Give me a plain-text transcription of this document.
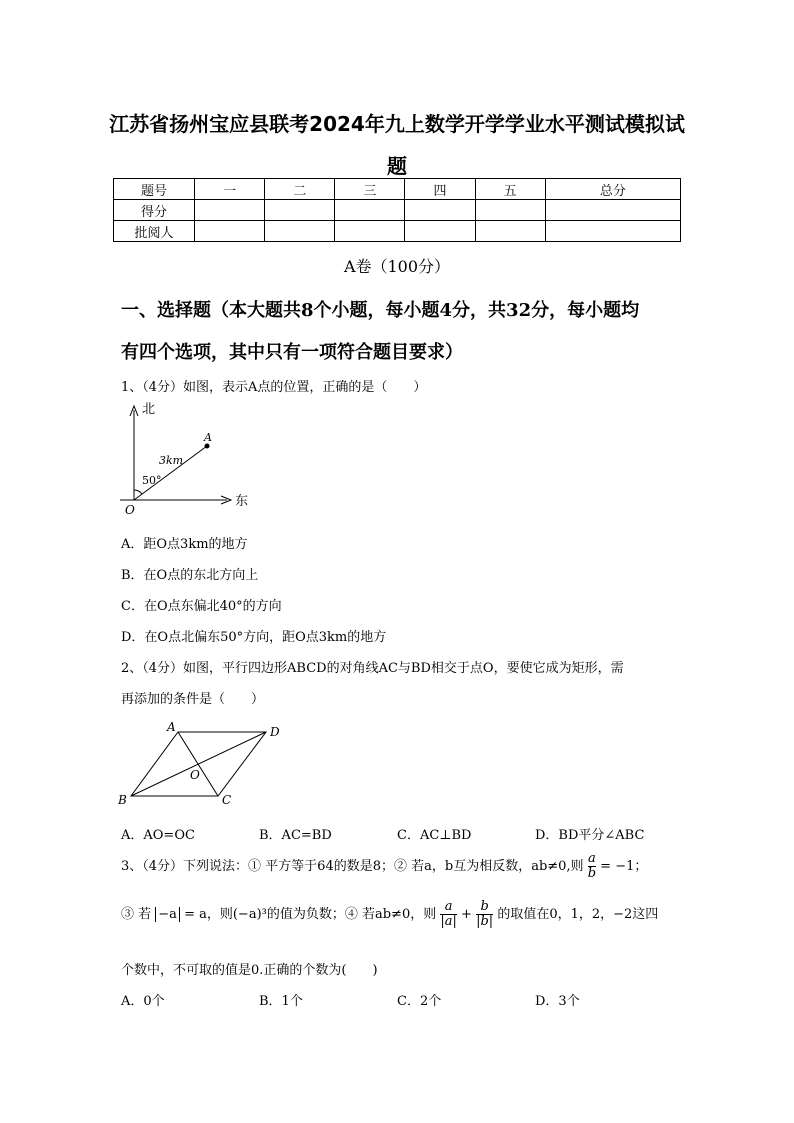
江苏省扬州宝应县联考2024年九上数学开学学业水平测试模拟试
题
题号	一	二	三	四	五	总分
得分						
批阅人						
A卷（100分）
一、选择题（本大题共8个小题，每小题4分，共32分，每小题均
有四个选项，其中只有一项符合题目要求）
1、（4分）如图，表示A点的位置，正确的是（　　）
北
东
O
A
3km
50°
A．距O点3km的地方
B．在O点的东北方向上
C．在O点东偏北40°的方向
D．在O点北偏东50°方向，距O点3km的地方
2、（4分）如图，平行四边形ABCD的对角线AC与BD相交于点O，要使它成为矩形，需
再添加的条件是（　　）
A	D
B	C
O
A．AO=OC	B．AC=BD	C．AC⊥BD	D．BD平分∠ABC
3、（4分）下列说法：① 平方等于64的数是8；② 若a，b互为相反数，ab≠0,则 $\frac{a}{b} = -1$；
③ 若 −a = a，则(−a)³的值为负数；④ 若ab≠0，则 $\frac{a}{|a|} + \frac{b}{|b|}$ 的取值在0，1，2，−2这四
个数中，不可取的值是0.正确的个数为(　　)
A．0个	B．1个	C．2个	D．3个
